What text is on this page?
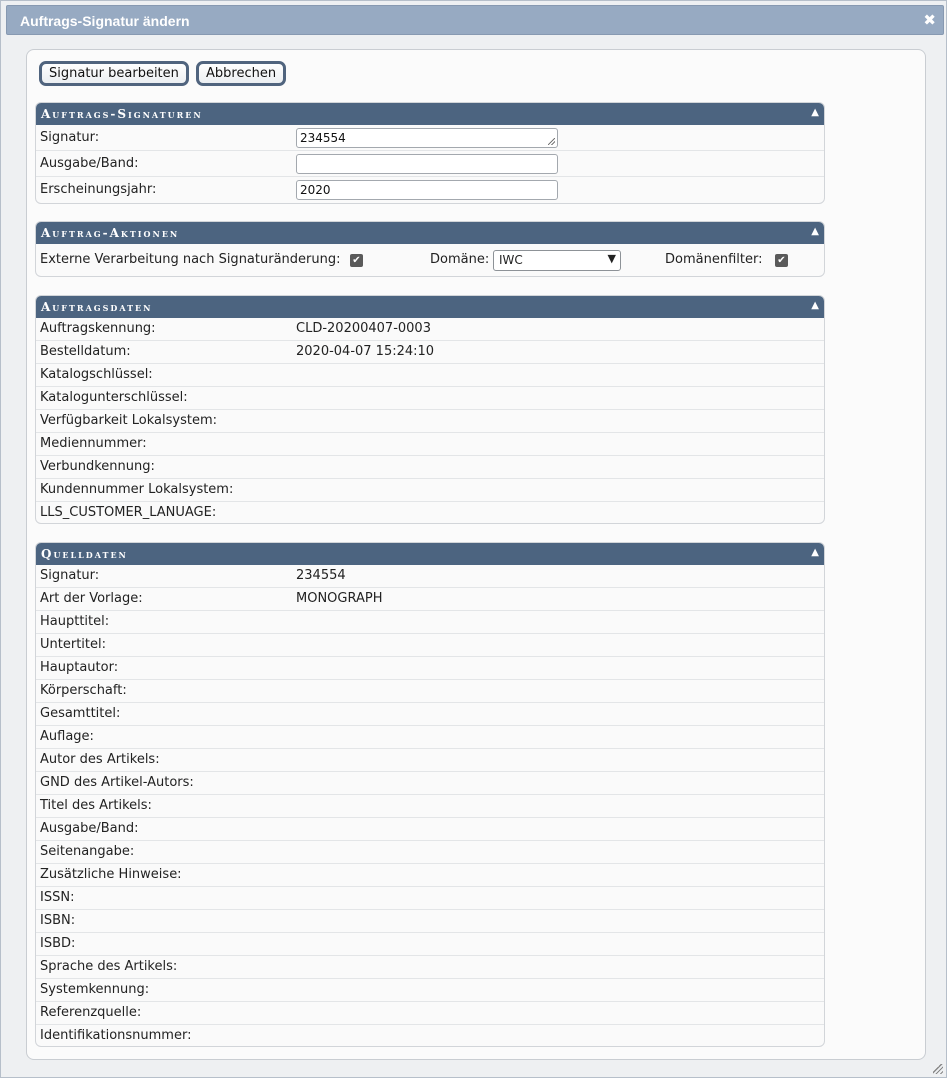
Auftrags-Signatur ändern	✖
Signatur bearbeiten Abbrechen
Auftrags-Signaturen	▲

Signatur:	234554
Ausgabe/Band:
Erscheinungsjahr:	2020
Auftrag-Aktionen	▲
Externe Verarbeitung nach Signaturänderung: ✔	Domäne: IWC	▼	Domänenfilter: ✔
Auftragsdaten	▲
Auftragskennung:	CLD-20200407-0003
Bestelldatum:	2020-04-07 15:24:10
Katalogschlüssel:
Katalogunterschlüssel:
Verfügbarkeit Lokalsystem:
Mediennummer:
Verbundkennung:
Kundennummer Lokalsystem:
LLS_CUSTOMER_LANUAGE:
Quelldaten	▲
Signatur:	234554
Art der Vorlage:	MONOGRAPH
Haupttitel:
Untertitel:
Hauptautor:
Körperschaft:
Gesamttitel:
Auflage:
Autor des Artikels:
GND des Artikel-Autors:
Titel des Artikels:
Ausgabe/Band:
Seitenangabe:
Zusätzliche Hinweise:
ISSN:
ISBN:
ISBD:
Sprache des Artikels:
Systemkennung:
Referenzquelle:
Identifikationsnummer:
